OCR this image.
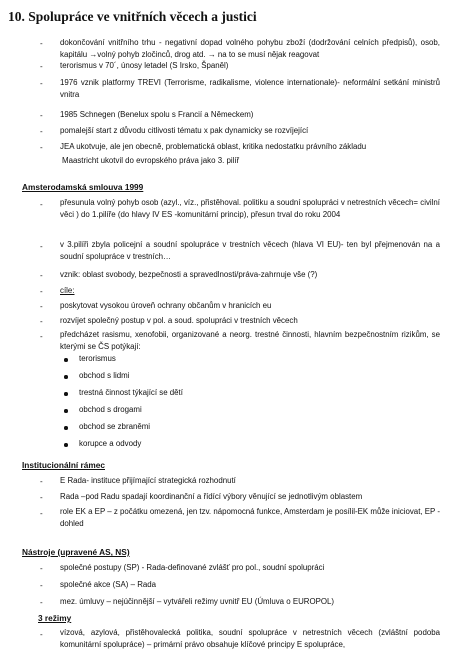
10. Spolupráce ve vnitřních věcech a justici
- dokončování vnitřního trhu - negativní dopad volného pohybu zboží (dodržování celních předpisů), osob, kapitálu →volný pohyb zločinců, drog atd. → na to se musí nějak reagovat
- terorismus v 70´, únosy letadel (S Irsko, Španěl)
- 1976 vznik platformy TREVI (Terrorisme, radikalisme, violence internationale)- neformální setkání ministrů vnitra
- 1985 Schnegen (Benelux spolu s Francií a Německem)
- pomalejší start z důvodu citlivosti tématu x pak dynamicky se rozvíjející
- JEA ukotvuje, ale jen obecně, problematická oblast, kritika nedostatku právního základu
Maastricht ukotvil do evropského práva jako 3. pilíř
Amsterodamská smlouva 1999
- přesunula volný pohyb osob (azyl., víz., přistěhoval. politiku a soudní spolupráci v netrestních věcech= civilní věci ) do 1.pilíře (do hlavy IV ES -komunitární princip), přesun trval do roku 2004
- v 3.pilíři zbyla policejní a soudní spolupráce v trestních věcech (hlava VI EU)- ten byl přejmenován na a soudní spolupráce v trestních…
- vznik: oblast svobody, bezpečnosti a spravedlnosti/práva-zahrnuje vše (?)
- cíle:
- poskytovat vysokou úroveň ochrany občanům v hranicích eu
- rozvíjet společný postup v pol. a soud. spolupráci v trestních věcech
- předcházet rasismu, xenofobii, organizované a neorg. trestné činnosti, hlavním bezpečnostním rizikům, se kterými se ČS potýkají:
terorismus
obchod s lidmi
trestná činnost týkající se dětí
obchod s drogami
obchod se zbraněmi
korupce a odvody
Institucionální rámec
- E Rada- instituce přijímající strategická rozhodnutí
- Rada –pod Radu spadají koordinanční a řídící výbory věnující se jednotlivým oblastem
- role EK a EP – z počátku omezená, jen tzv. nápomocná funkce, Amsterdam je posílil-EK může iniciovat, EP - dohled
Nástroje (upravené AS, NS)
- společné postupy (SP) - Rada-definované zvlášť pro pol., soudní spolupráci
- společné akce (SA) – Rada
- mez. úmluvy – nejúčinnější – vytvářeli režimy uvnitř EU (Úmluva o EUROPOL)
3 režimy
- vízová, azylová, přistěhovalecká politika, soudní spolupráce v netrestních věcech (zvláštní podoba komunitární spolupráce) – primární právo obsahuje klíčové principy E spolupráce,
